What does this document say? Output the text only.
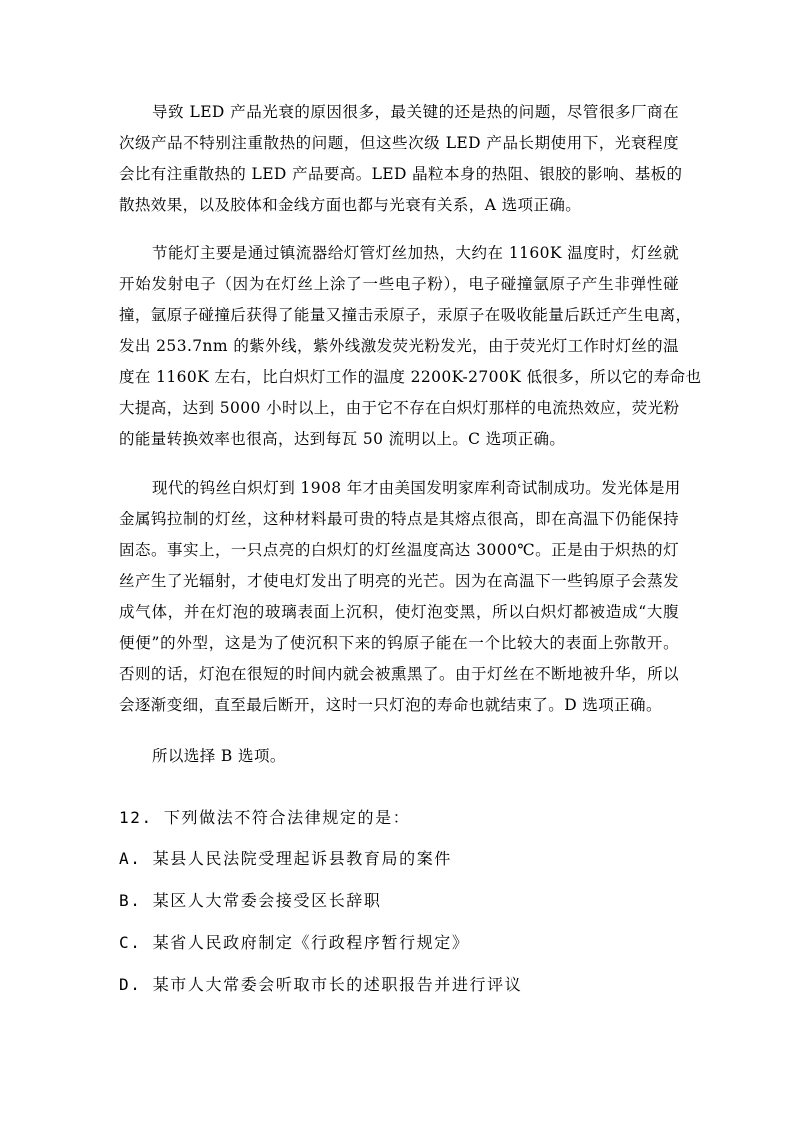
导致 LED 产品光衰的原因很多，最关键的还是热的问题，尽管很多厂商在
次级产品不特别注重散热的问题，但这些次级 LED 产品长期使用下，光衰程度
会比有注重散热的 LED 产品要高。LED 晶粒本身的热阻、银胶的影响、基板的
散热效果，以及胶体和金线方面也都与光衰有关系，A 选项正确。
节能灯主要是通过镇流器给灯管灯丝加热，大约在 1160K 温度时，灯丝就
开始发射电子（因为在灯丝上涂了一些电子粉），电子碰撞氩原子产生非弹性碰
撞，氩原子碰撞后获得了能量又撞击汞原子，汞原子在吸收能量后跃迁产生电离，
发出 253.7nm 的紫外线，紫外线激发荧光粉发光，由于荧光灯工作时灯丝的温
度在 1160K 左右，比白炽灯工作的温度 2200K-2700K 低很多，所以它的寿命也
大提高，达到 5000 小时以上，由于它不存在白炽灯那样的电流热效应，荧光粉
的能量转换效率也很高，达到每瓦 50 流明以上。C 选项正确。
现代的钨丝白炽灯到 1908 年才由美国发明家库利奇试制成功。发光体是用
金属钨拉制的灯丝，这种材料最可贵的特点是其熔点很高，即在高温下仍能保持
固态。事实上，一只点亮的白炽灯的灯丝温度高达 3000℃。正是由于炽热的灯
丝产生了光辐射，才使电灯发出了明亮的光芒。因为在高温下一些钨原子会蒸发
成气体，并在灯泡的玻璃表面上沉积，使灯泡变黑，所以白炽灯都被造成“大腹
便便”的外型，这是为了使沉积下来的钨原子能在一个比较大的表面上弥散开。
否则的话，灯泡在很短的时间内就会被熏黑了。由于灯丝在不断地被升华，所以
会逐渐变细，直至最后断开，这时一只灯泡的寿命也就结束了。D 选项正确。
所以选择 B 选项。
12. 下列做法不符合法律规定的是：
A. 某县人民法院受理起诉县教育局的案件
B. 某区人大常委会接受区长辞职
C. 某省人民政府制定《行政程序暂行规定》
D. 某市人大常委会听取市长的述职报告并进行评议
